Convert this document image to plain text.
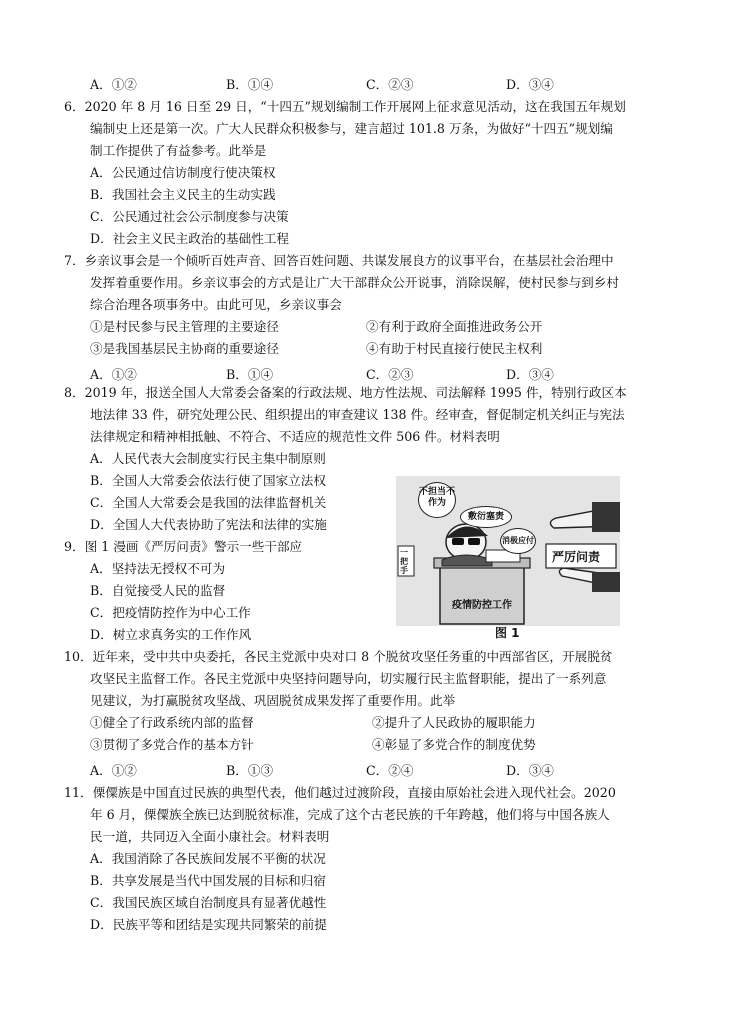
A．①②	B．①④	C．②③	D．③④
6．2020 年 8 月 16 日至 29 日，“十四五”规划编制工作开展网上征求意见活动，这在我国五年规划
编制史上还是第一次。广大人民群众积极参与，建言超过 101.8 万条，为做好“十四五”规划编
制工作提供了有益参考。此举是
A．公民通过信访制度行使决策权
B．我国社会主义民主的生动实践
C．公民通过社会公示制度参与决策
D．社会主义民主政治的基础性工程
7．乡亲议事会是一个倾听百姓声音、回答百姓问题、共谋发展良方的议事平台，在基层社会治理中
发挥着重要作用。乡亲议事会的方式是让广大干部群众公开说事，消除误解，使村民参与到乡村
综合治理各项事务中。由此可见，乡亲议事会
①是村民参与民主管理的主要途径	②有利于政府全面推进政务公开
③是我国基层民主协商的重要途径	④有助于村民直接行使民主权利
A．①②	B．①④	C．②③	D．③④
8．2019 年，报送全国人大常委会备案的行政法规、地方性法规、司法解释 1995 件，特别行政区本
地法律 33 件，研究处理公民、组织提出的审查建议 138 件。经审查，督促制定机关纠正与宪法
法律规定和精神相抵触、不符合、不适应的规范性文件 506 件。材料表明
A．人民代表大会制度实行民主集中制原则
B．全国人大常委会依法行使了国家立法权
C．全国人大常委会是我国的法律监督机关
D．全国人大代表协助了宪法和法律的实施
9．图 1 漫画《严厉问责》警示一些干部应
A．坚持法无授权不可为
B．自觉接受人民的监督
C．把疫情防控作为中心工作
D．树立求真务实的工作作风
不担当不作为
敷衍塞责
消极应付
严厉问责
疫情防控工作
一把手
图 1
10．近年来，受中共中央委托，各民主党派中央对口 8 个脱贫攻坚任务重的中西部省区，开展脱贫
攻坚民主监督工作。各民主党派中央坚持问题导向，切实履行民主监督职能，提出了一系列意
见建议，为打赢脱贫攻坚战、巩固脱贫成果发挥了重要作用。此举
①健全了行政系统内部的监督	②提升了人民政协的履职能力
③贯彻了多党合作的基本方针	④彰显了多党合作的制度优势
A．①②	B．①③	C．②④	D．③④
11．傈僳族是中国直过民族的典型代表，他们越过过渡阶段，直接由原始社会进入现代社会。2020
年 6 月，傈僳族全族已达到脱贫标准，完成了这个古老民族的千年跨越，他们将与中国各族人
民一道，共同迈入全面小康社会。材料表明
A．我国消除了各民族间发展不平衡的状况
B．共享发展是当代中国发展的目标和归宿
C．我国民族区域自治制度具有显著优越性
D．民族平等和团结是实现共同繁荣的前提
